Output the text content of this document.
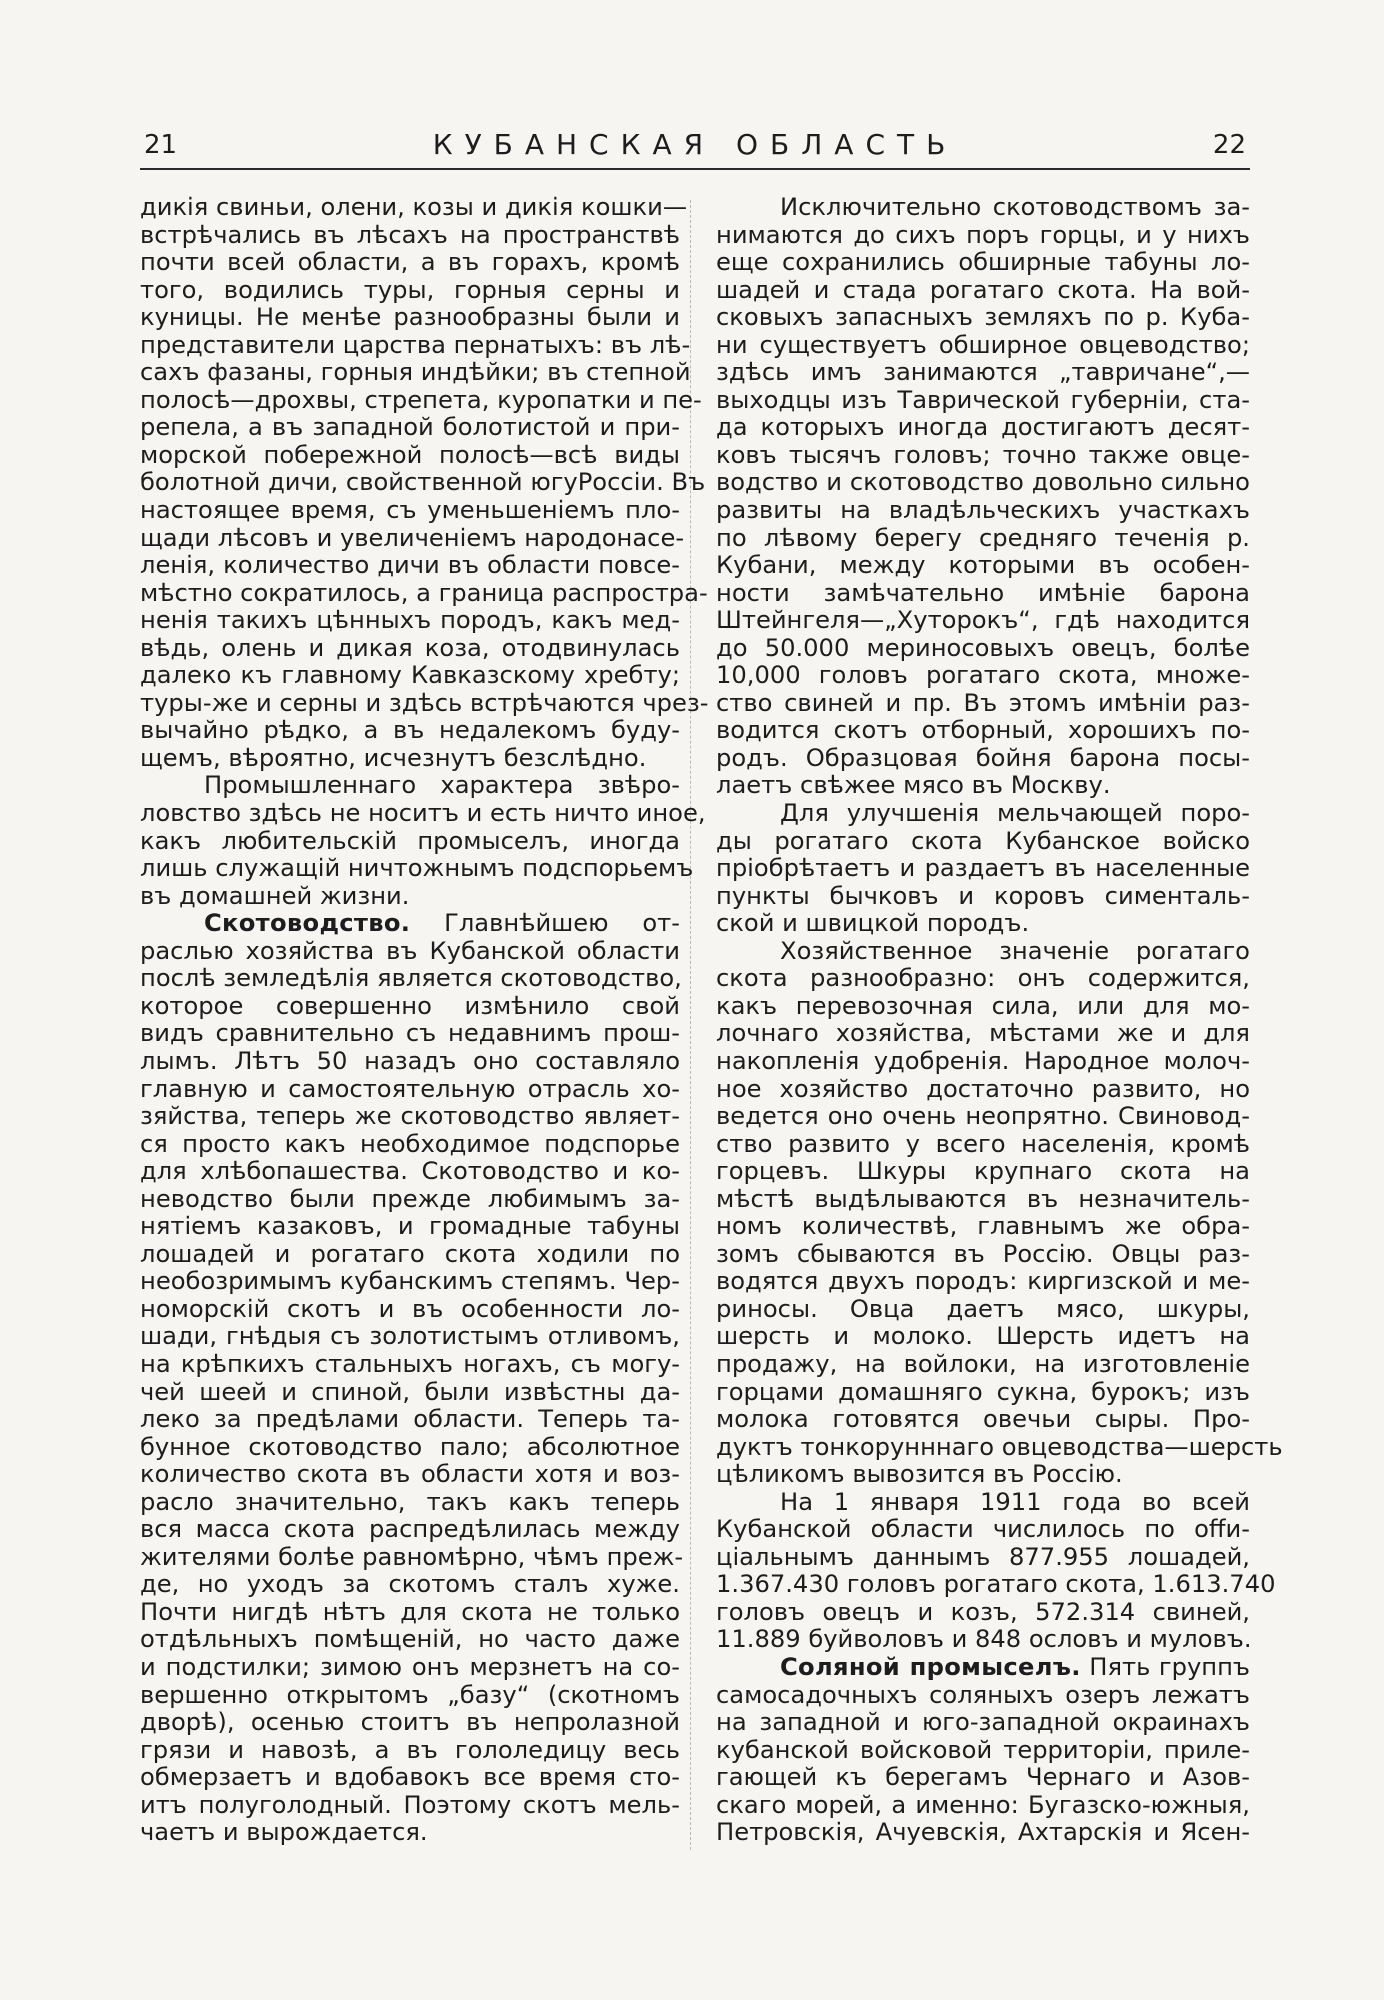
21	КУБАНСКАЯ ОБЛАСТЬ	22
дикія свиньи, олени, козы и дикія кошки—
встрѣчались въ лѣсахъ на пространствѣ
почти всей области, а въ горахъ, кромѣ
того, водились туры, горныя серны и
куницы. Не менѣе разнообразны были и
представители царства пернатыхъ: въ лѣ-
сахъ фазаны, горныя индѣйки; въ степной
полосѣ—дрохвы, стрепета, куропатки и пе-
репела, а въ западной болотистой и при-
морской побережной полосѣ—всѣ виды
болотной дичи, свойственной югуРоссіи. Въ
настоящее время, съ уменьшеніемъ пло-
щади лѣсовъ и увеличеніемъ народонасе-
ленія, количество дичи въ области повсе-
мѣстно сократилось, а граница распростра-
ненія такихъ цѣнныхъ породъ, какъ мед-
вѣдь, олень и дикая коза, отодвинулась
далеко къ главному Кавказскому хребту;
туры-же и серны и здѣсь встрѣчаются чрез-
вычайно рѣдко, а въ недалекомъ буду-
щемъ, вѣроятно, исчезнутъ безслѣдно.
Промышленнаго характера звѣро-
ловство здѣсь не носитъ и есть ничто иное,
какъ любительскій промыселъ, иногда
лишь служащій ничтожнымъ подспорьемъ
въ домашней жизни.
Скотоводство. Главнѣйшею от-
раслью хозяйства въ Кубанской области
послѣ земледѣлія является скотоводство,
которое совершенно измѣнило свой
видъ сравнительно съ недавнимъ прош-
лымъ. Лѣтъ 50 назадъ оно составляло
главную и самостоятельную отрасль хо-
зяйства, теперь же скотоводство являет-
ся просто какъ необходимое подспорье
для хлѣбопашества. Скотоводство и ко-
неводство были прежде любимымъ за-
нятіемъ казаковъ, и громадные табуны
лошадей и рогатаго скота ходили по
необозримымъ кубанскимъ степямъ. Чер-
номорскій скотъ и въ особенности ло-
шади, гнѣдыя съ золотистымъ отливомъ,
на крѣпкихъ стальныхъ ногахъ, съ могу-
чей шеей и спиной, были извѣстны да-
леко за предѣлами области. Теперь та-
бунное скотоводство пало; абсолютное
количество скота въ области хотя и воз-
расло значительно, такъ какъ теперь
вся масса скота распредѣлилась между
жителями болѣе равномѣрно, чѣмъ преж-
де, но уходъ за скотомъ сталъ хуже.
Почти нигдѣ нѣтъ для скота не только
отдѣльныхъ помѣщеній, но часто даже
и подстилки; зимою онъ мерзнетъ на со-
вершенно открытомъ „базу“ (скотномъ
дворѣ), осенью стоитъ въ непролазной
грязи и навозѣ, а въ гололедицу весь
обмерзаетъ и вдобавокъ все время сто-
итъ полуголодный. Поэтому скотъ мель-
чаетъ и вырождается.
Исключительно скотоводствомъ за-
нимаются до сихъ поръ горцы, и у нихъ
еще сохранились обширные табуны ло-
шадей и стада рогатаго скота. На вой-
сковыхъ запасныхъ земляхъ по р. Куба-
ни существуетъ обширное овцеводство;
здѣсь имъ занимаются „тавричане“,—
выходцы изъ Таврической губерніи, ста-
да которыхъ иногда достигаютъ десят-
ковъ тысячъ головъ; точно также овце-
водство и скотоводство довольно сильно
развиты на владѣльческихъ участкахъ
по лѣвому берегу средняго теченія р.
Кубани, между которыми въ особен-
ности замѣчательно имѣніе барона
Штейнгеля—„Хуторокъ“, гдѣ находится
до 50.000 мериносовыхъ овецъ, болѣе
10,000 головъ рогатаго скота, множе-
ство свиней и пр. Въ этомъ имѣніи раз-
водится скотъ отборный, хорошихъ по-
родъ. Образцовая бойня барона посы-
лаетъ свѣжее мясо въ Москву.
Для улучшенія мельчающей поро-
ды рогатаго скота Кубанское войско
пріобрѣтаетъ и раздаетъ въ населенные
пункты бычковъ и коровъ сименталь-
ской и швицкой породъ.
Хозяйственное значеніе рогатаго
скота разнообразно: онъ содержится,
какъ перевозочная сила, или для мо-
лочнаго хозяйства, мѣстами же и для
накопленія удобренія. Народное молоч-
ное хозяйство достаточно развито, но
ведется оно очень неопрятно. Свиновод-
ство развито у всего населенія, кромѣ
горцевъ. Шкуры крупнаго скота на
мѣстѣ выдѣлываются въ незначитель-
номъ количествѣ, главнымъ же обра-
зомъ сбываются въ Россію. Овцы раз-
водятся двухъ породъ: киргизской и ме-
риносы. Овца даетъ мясо, шкуры,
шерсть и молоко. Шерсть идетъ на
продажу, на войлоки, на изготовленіе
горцами домашняго сукна, бурокъ; изъ
молока готовятся овечьи сыры. Про-
дуктъ тонкорунннаго овцеводства—шерсть
цѣликомъ вывозится въ Россію.
На 1 января 1911 года во всей
Кубанской области числилось по offи-
ціальнымъ даннымъ 877.955 лошадей,
1.367.430 головъ рогатаго скота, 1.613.740
головъ овецъ и козъ, 572.314 свиней,
11.889 буйволовъ и 848 ословъ и муловъ.
Соляной промыселъ. Пять группъ
самосадочныхъ соляныхъ озеръ лежатъ
на западной и юго-западной окраинахъ
кубанской войсковой территоріи, приле-
гающей къ берегамъ Чернаго и Азов-
скаго морей, а именно: Бугазско-южныя,
Петровскія, Ачуевскія, Ахтарскія и Ясен-
